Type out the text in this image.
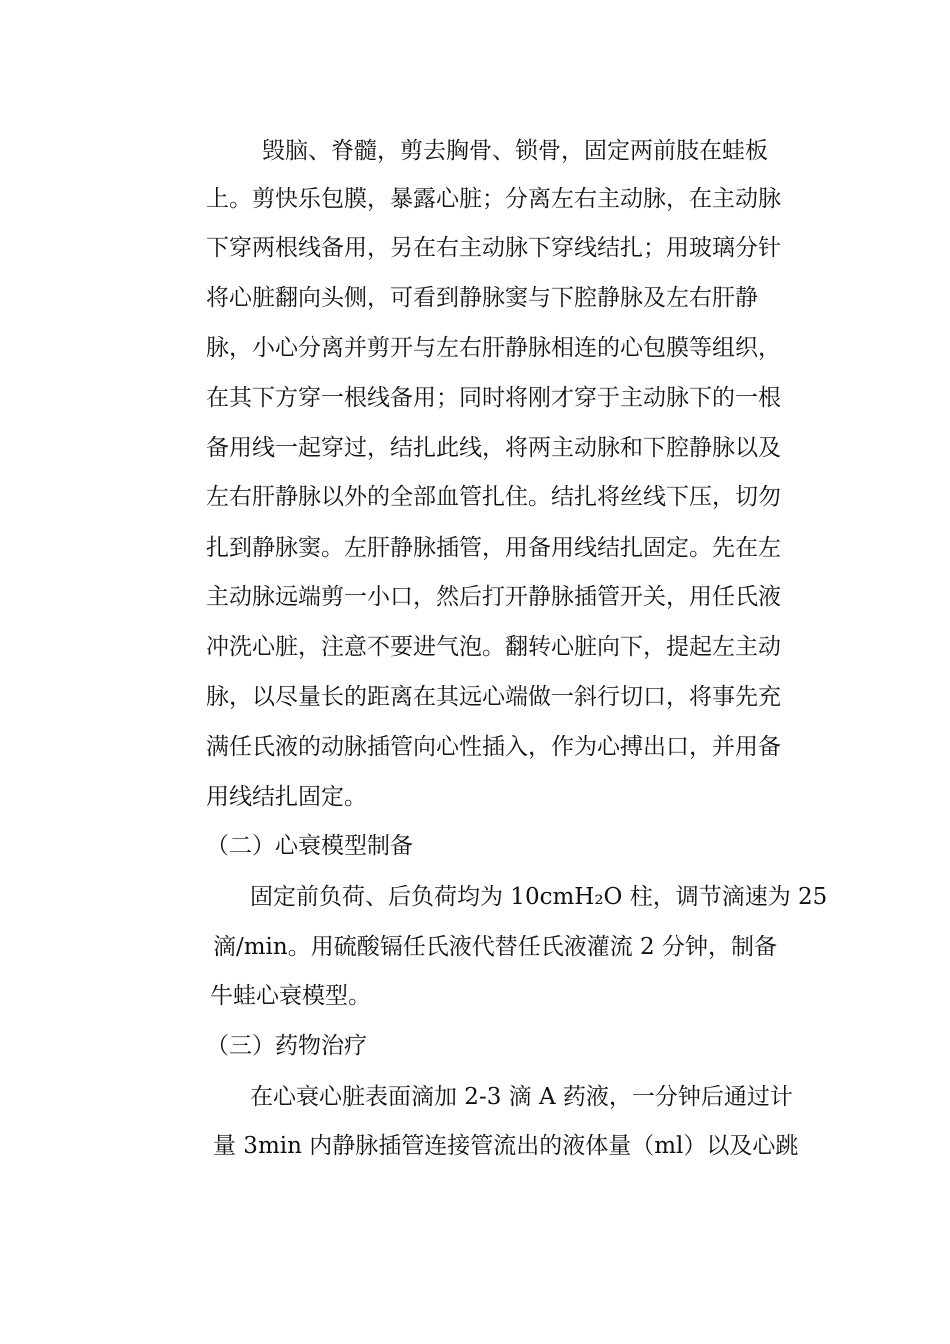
毁脑、脊髓，剪去胸骨、锁骨，固定两前肢在蛙板
上。剪快乐包膜，暴露心脏；分离左右主动脉，在主动脉
下穿两根线备用，另在右主动脉下穿线结扎；用玻璃分针
将心脏翻向头侧，可看到静脉窦与下腔静脉及左右肝静
脉，小心分离并剪开与左右肝静脉相连的心包膜等组织，
在其下方穿一根线备用；同时将刚才穿于主动脉下的一根
备用线一起穿过，结扎此线，将两主动脉和下腔静脉以及
左右肝静脉以外的全部血管扎住。结扎将丝线下压，切勿
扎到静脉窦。左肝静脉插管，用备用线结扎固定。先在左
主动脉远端剪一小口，然后打开静脉插管开关，用任氏液
冲洗心脏，注意不要进气泡。翻转心脏向下，提起左主动
脉，以尽量长的距离在其远心端做一斜行切口，将事先充
满任氏液的动脉插管向心性插入，作为心搏出口，并用备
用线结扎固定。
（二）心衰模型制备
固定前负荷、后负荷均为 10cmH₂O 柱，调节滴速为 25
滴/min。用硫酸镉任氏液代替任氏液灌流 2 分钟，制备
牛蛙心衰模型。
（三）药物治疗
在心衰心脏表面滴加 2-3 滴 A 药液，一分钟后通过计
量 3min 内静脉插管连接管流出的液体量（ml）以及心跳
